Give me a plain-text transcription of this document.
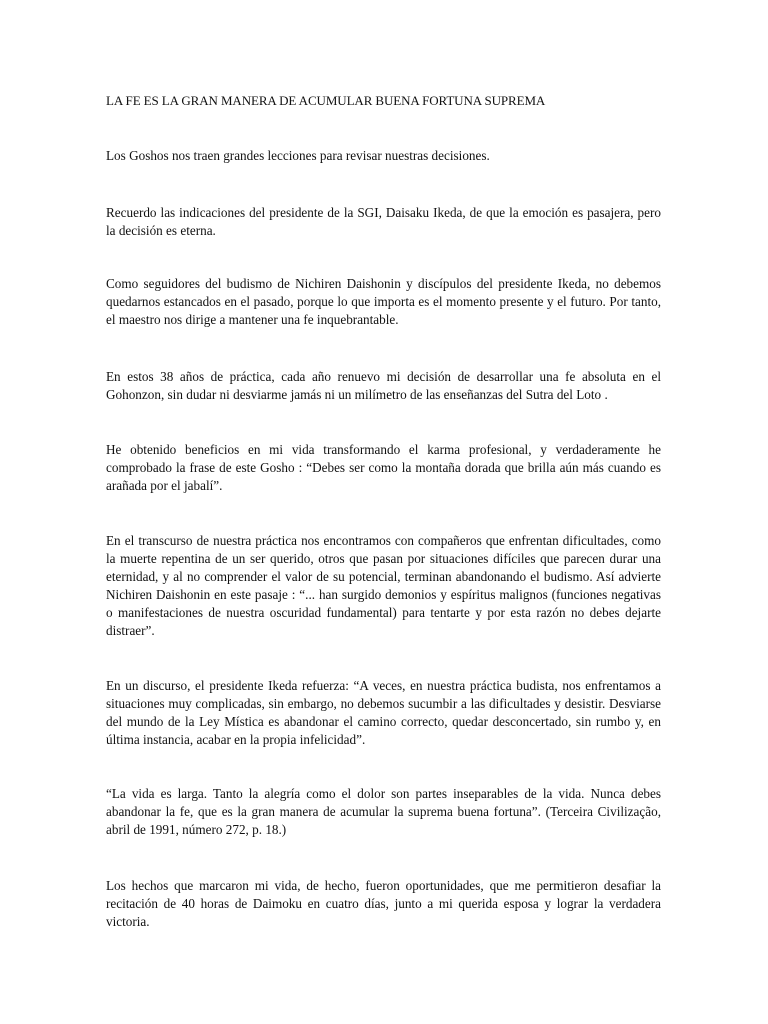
LA FE ES LA GRAN MANERA DE ACUMULAR BUENA FORTUNA SUPREMA

Los Goshos nos traen grandes lecciones para revisar nuestras decisiones.

Recuerdo las indicaciones del presidente de la SGI, Daisaku Ikeda, de que la emoción es pasajera, pero la decisión es eterna.

Como seguidores del budismo de Nichiren Daishonin y discípulos del presidente Ikeda, no debemos quedarnos estancados en el pasado, porque lo que importa es el momento presente y el futuro. Por tanto, el maestro nos dirige a mantener una fe inquebrantable.

En estos 38 años de práctica, cada año renuevo mi decisión de desarrollar una fe absoluta en el Gohonzon, sin dudar ni desviarme jamás ni un milímetro de las enseñanzas del Sutra del Loto .

He obtenido beneficios en mi vida transformando el karma profesional, y verdaderamente he comprobado la frase de este Gosho : “Debes ser como la montaña dorada que brilla aún más cuando es arañada por el jabalí”.

En el transcurso de nuestra práctica nos encontramos con compañeros que enfrentan dificultades, como la muerte repentina de un ser querido, otros que pasan por situaciones difíciles que parecen durar una eternidad, y al no comprender el valor de su potencial, terminan abandonando el budismo. Así advierte Nichiren Daishonin en este pasaje : “... han surgido demonios y espíritus malignos (funciones negativas o manifestaciones de nuestra oscuridad fundamental) para tentarte y por esta razón no debes dejarte distraer”.

En un discurso, el presidente Ikeda refuerza: “A veces, en nuestra práctica budista, nos enfrentamos a situaciones muy complicadas, sin embargo, no debemos sucumbir a las dificultades y desistir. Desviarse del mundo de la Ley Mística es abandonar el camino correcto, quedar desconcertado, sin rumbo y, en última instancia, acabar en la propia infelicidad”.

“La vida es larga. Tanto la alegría como el dolor son partes inseparables de la vida. Nunca debes abandonar la fe, que es la gran manera de acumular la suprema buena fortuna”. (Terceira Civilização, abril de 1991, número 272, p. 18.)

Los hechos que marcaron mi vida, de hecho, fueron oportunidades, que me permitieron desafiar la recitación de 40 horas de Daimoku en cuatro días, junto a mi querida esposa y lograr la verdadera victoria.
